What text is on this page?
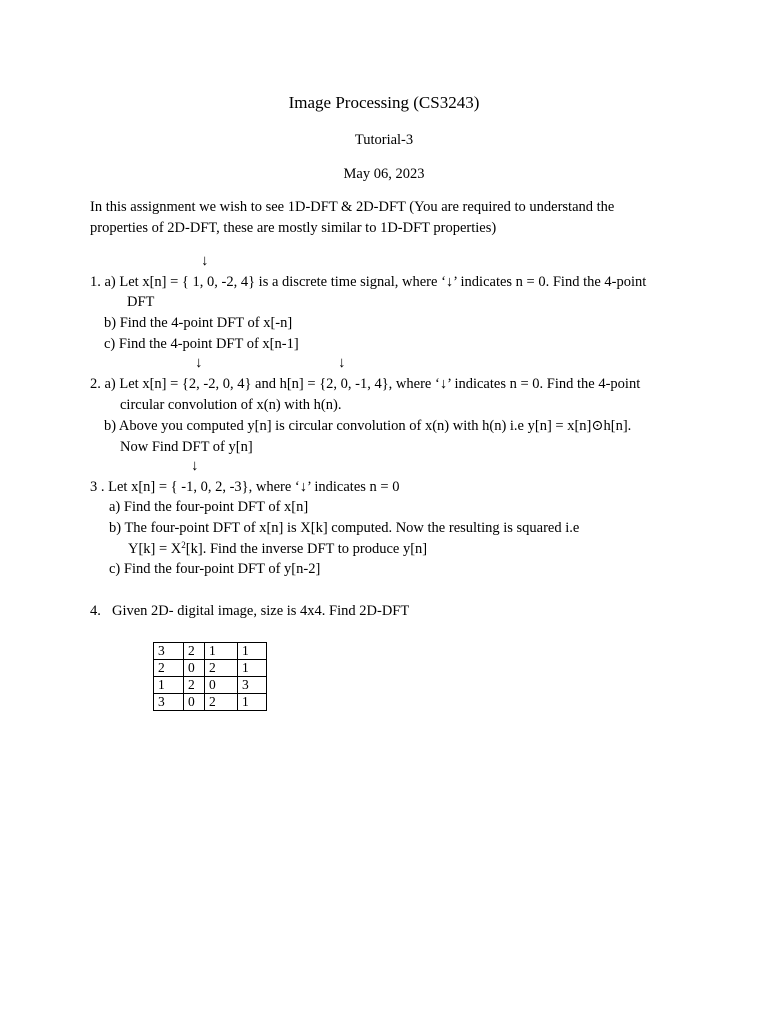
Image Processing (CS3243)
Tutorial-3
May 06, 2023
In this assignment we wish to see 1D-DFT & 2D-DFT (You are required to understand the
properties of 2D-DFT, these are mostly similar to 1D-DFT properties)
↓
1. a) Let x[n] = { 1, 0, -2, 4} is a discrete time signal, where ‘↓’ indicates n = 0. Find the 4-point
DFT
b) Find the 4-point DFT of x[-n]
c) Find the 4-point DFT of x[n-1]
↓	↓
2. a) Let x[n] = {2, -2, 0, 4} and h[n] = {2, 0, -1, 4}, where ‘↓’ indicates n = 0. Find the 4-point
circular convolution of x(n) with h(n).
b) Above you computed y[n] is circular convolution of x(n) with h(n) i.e y[n] = x[n]⊙h[n].
Now Find DFT of y[n]
↓
3 . Let x[n] = { -1, 0, 2, -3}, where ‘↓’ indicates n = 0
a) Find the four-point DFT of x[n]
b) The four-point DFT of x[n] is X[k] computed. Now the resulting is squared i.e
$Y[k] = X^2[k]$. Find the inverse DFT to produce y[n]
c) Find the four-point DFT of y[n-2]
4. Given 2D- digital image, size is 4x4. Find 2D-DFT
3	2	1	1
2	0	2	1
1	2	0	3
3	0	2	1
